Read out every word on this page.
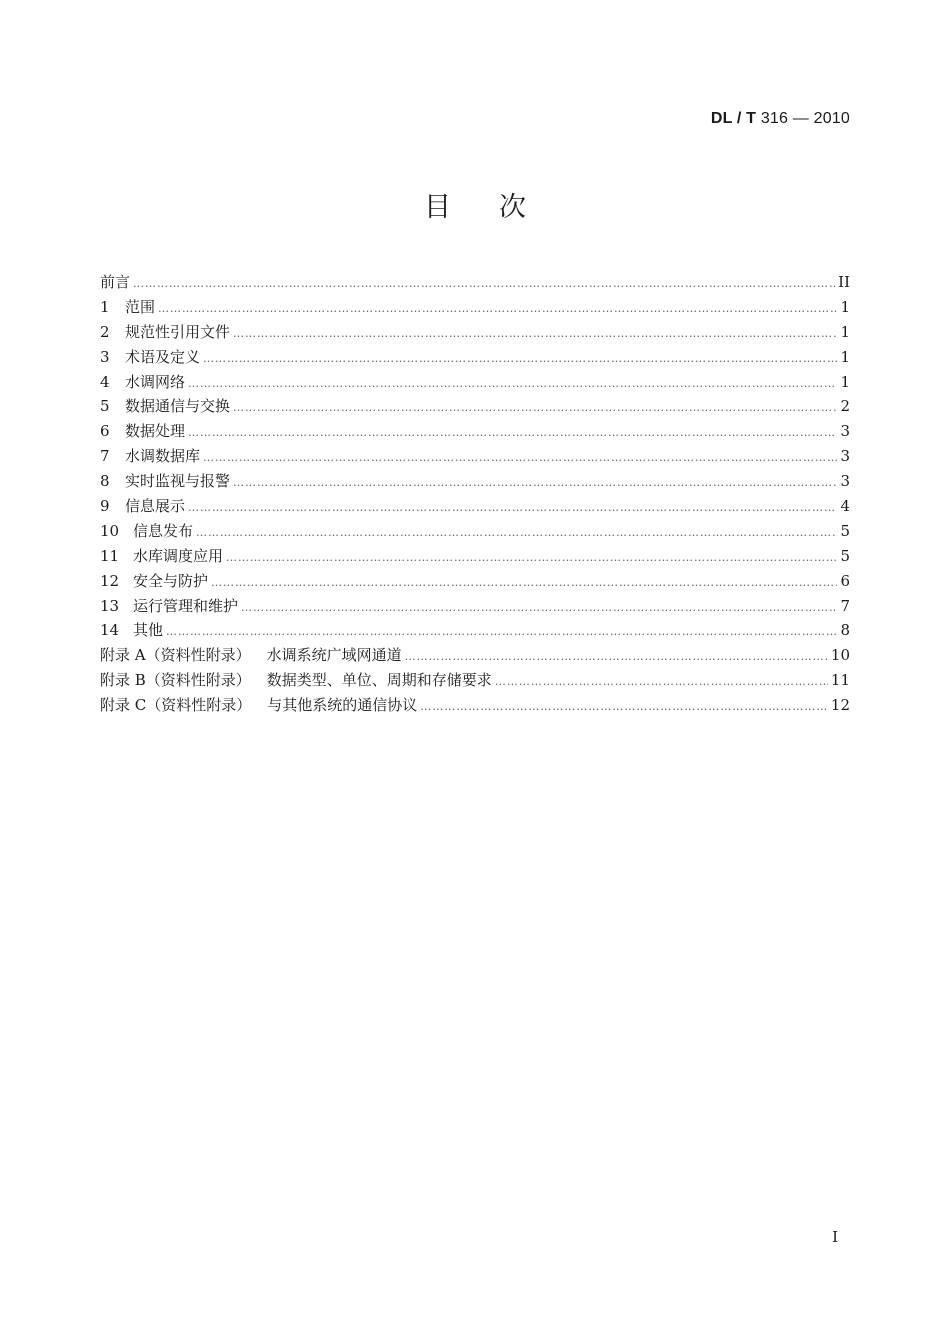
DL / T 316 — 2010
目次
前言 …………………………………………………………………………………………………………………………………………………………………………………………………………………………………………………………………………	II
1	范围 …………………………………………………………………………………………………………………………………………………………………………………………………………………………………………………………………………	1
2	规范性引用文件 …………………………………………………………………………………………………………………………………………………………………………………………………………………………………………………………………………	1
3	术语及定义 …………………………………………………………………………………………………………………………………………………………………………………………………………………………………………………………………………	1
4	水调网络 …………………………………………………………………………………………………………………………………………………………………………………………………………………………………………………………………………	1
5	数据通信与交换 …………………………………………………………………………………………………………………………………………………………………………………………………………………………………………………………………………	2
6	数据处理 …………………………………………………………………………………………………………………………………………………………………………………………………………………………………………………………………………	3
7	水调数据库 …………………………………………………………………………………………………………………………………………………………………………………………………………………………………………………………………………	3
8	实时监视与报警 …………………………………………………………………………………………………………………………………………………………………………………………………………………………………………………………………………	3
9	信息展示 …………………………………………………………………………………………………………………………………………………………………………………………………………………………………………………………………………	4
10 信息发布 …………………………………………………………………………………………………………………………………………………………………………………………………………………………………………………………………………	5
11 水库调度应用 …………………………………………………………………………………………………………………………………………………………………………………………………………………………………………………………………………	5
12 安全与防护 …………………………………………………………………………………………………………………………………………………………………………………………………………………………………………………………………………	6
13 运行管理和维护 …………………………………………………………………………………………………………………………………………………………………………………………………………………………………………………………………………	7
14 其他 …………………………………………………………………………………………………………………………………………………………………………………………………………………………………………………………………………	8
附录 A（资料性附录） 水调系统广域网通道 …………………………………………………………………………………………………………………………………………………………………………………………………………………………………………………………………………	10
附录 B（资料性附录） 数据类型、单位、周期和存储要求 …………………………………………………………………………………………………………………………………………………………………………………………………………………………………………………………………………	11
附录 C（资料性附录） 与其他系统的通信协议 …………………………………………………………………………………………………………………………………………………………………………………………………………………………………………………………………………	12
I
